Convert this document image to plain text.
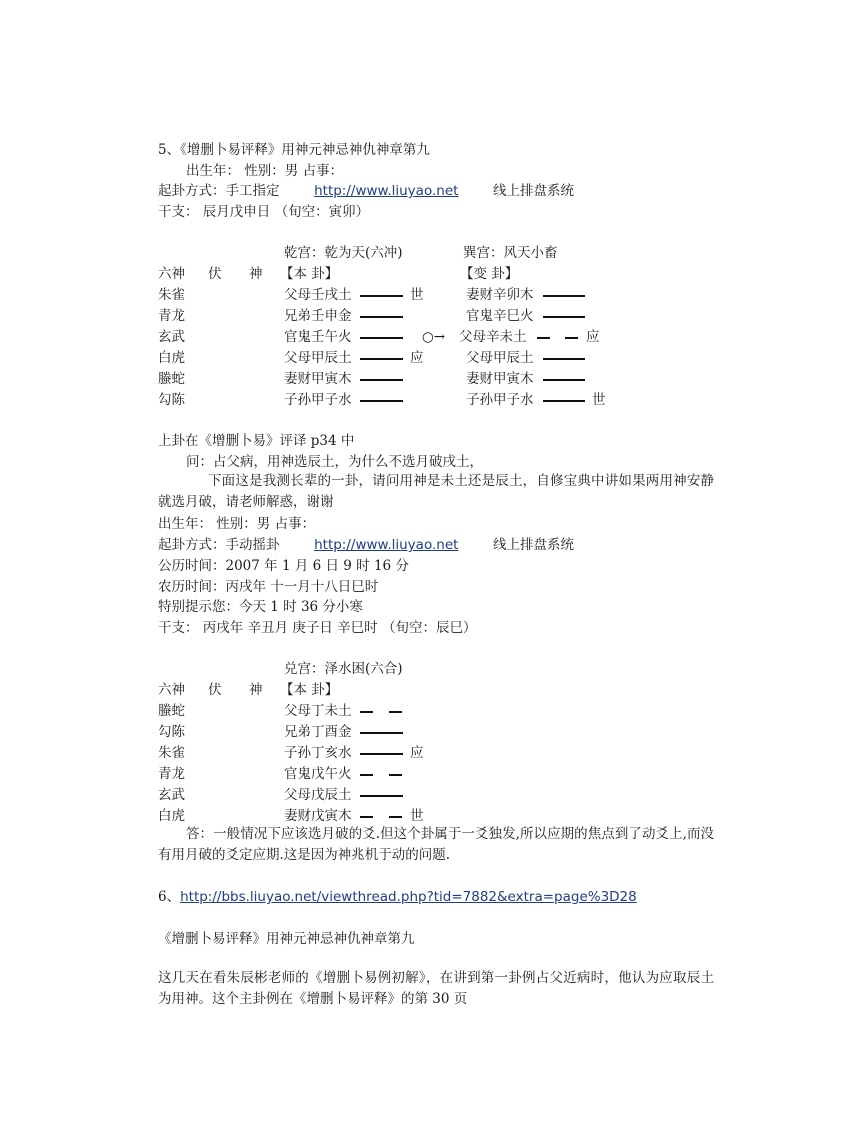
5、《增删卜易评释》用神元神忌神仇神章第九
出生年： 性别：男 占事：
起卦方式：手工指定	http://www.liuyao.net	线上排盘系统
干支： 辰月戊申日 （旬空：寅卯）
乾宫：乾为天(六冲)	巽宫：风天小畜
六神 伏 神 【本 卦】	【变 卦】
朱雀	父母壬戌土	世	妻财辛卯木
青龙	兄弟壬申金	官鬼辛巳火
玄武	官鬼壬午火	○→ 父母辛未土	应
白虎	父母甲辰土	应	父母甲辰土
螣蛇	妻财甲寅木	妻财甲寅木
勾陈	子孙甲子水	子孙甲子水	世
上卦在《增删卜易》评译 p34 中
问：占父病，用神选辰土，为什么不选月破戌土，
下面这是我测长辈的一卦，请问用神是未土还是辰土，自修宝典中讲如果两用神安静就选月破，请老师解惑，谢谢
出生年： 性别：男 占事：
起卦方式：手动摇卦	http://www.liuyao.net	线上排盘系统
公历时间：2007 年 1 月 6 日 9 时 16 分
农历时间：丙戌年 十一月十八日巳时
特别提示您：今天 1 时 36 分小寒
干支： 丙戌年 辛丑月 庚子日 辛巳时 （旬空：辰巳）
兑宫：泽水困(六合)
六神 伏 神 【本 卦】
螣蛇	父母丁未土
勾陈	兄弟丁酉金
朱雀	子孙丁亥水	应
青龙	官鬼戊午火
玄武	父母戊辰土
白虎	妻财戊寅木	世
答：一般情况下应该选月破的爻.但这个卦属于一爻独发,所以应期的焦点到了动爻上,而没有用月破的爻定应期.这是因为神兆机于动的问题.
6、http://bbs.liuyao.net/viewthread.php?tid=7882&extra=page%3D28
《增删卜易评释》用神元神忌神仇神章第九
这几天在看朱辰彬老师的《增删卜易例初解》，在讲到第一卦例占父近病时，他认为应取辰土为用神。这个主卦例在《增删卜易评释》的第 30 页
